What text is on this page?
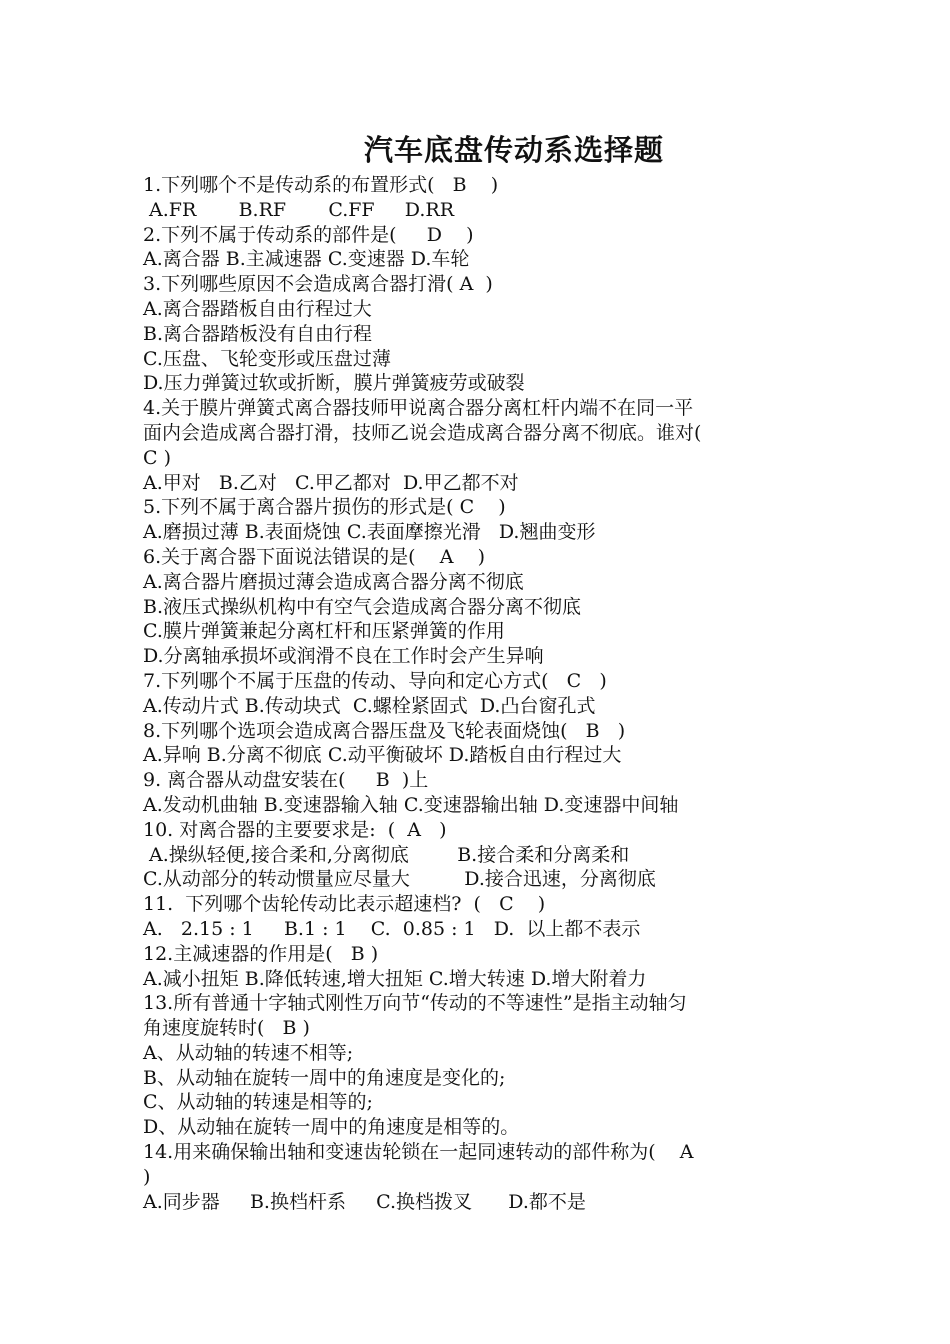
汽车底盘传动系选择题
1.下列哪个不是传动系的布置形式(   B    )
A.FR       B.RF       C.FF     D.RR
2.下列不属于传动系的部件是(     D    )
A.离合器 B.主减速器 C.变速器 D.车轮
3.下列哪些原因不会造成离合器打滑( A  )
A.离合器踏板自由行程过大
B.离合器踏板没有自由行程
C.压盘、飞轮变形或压盘过薄
D.压力弹簧过软或折断，膜片弹簧疲劳或破裂
4.关于膜片弹簧式离合器技师甲说离合器分离杠杆内端不在同一平
面内会造成离合器打滑，技师乙说会造成离合器分离不彻底。谁对(
C )
A.甲对   B.乙对   C.甲乙都对  D.甲乙都不对
5.下列不属于离合器片损伤的形式是( C    )
A.磨损过薄 B.表面烧蚀 C.表面摩擦光滑   D.翘曲变形
6.关于离合器下面说法错误的是(    A    )
A.离合器片磨损过薄会造成离合器分离不彻底
B.液压式操纵机构中有空气会造成离合器分离不彻底
C.膜片弹簧兼起分离杠杆和压紧弹簧的作用
D.分离轴承损坏或润滑不良在工作时会产生异响
7.下列哪个不属于压盘的传动、导向和定心方式(   C   )
A.传动片式 B.传动块式  C.螺栓紧固式  D.凸台窗孔式
8.下列哪个选项会造成离合器压盘及飞轮表面烧蚀(   B   )
A.异响 B.分离不彻底 C.动平衡破坏 D.踏板自由行程过大
9. 离合器从动盘安装在(     B  )上
A.发动机曲轴 B.变速器输入轴 C.变速器输出轴 D.变速器中间轴
10. 对离合器的主要要求是:  (  A   )
A.操纵轻便,接合柔和,分离彻底        B.接合柔和分离柔和
C.从动部分的转动惯量应尽量大         D.接合迅速，分离彻底
11.  下列哪个齿轮传动比表示超速档?  (   C    )
A.   2.15 : 1     B.1 : 1    C.  0.85 : 1   D.  以上都不表示
12.主减速器的作用是(   B )
A.减小扭矩 B.降低转速,增大扭矩 C.增大转速 D.增大附着力
13.所有普通十字轴式刚性万向节“传动的不等速性”是指主动轴匀
角速度旋转时(   B )
A、从动轴的转速不相等;
B、从动轴在旋转一周中的角速度是变化的;
C、从动轴的转速是相等的;
D、从动轴在旋转一周中的角速度是相等的。
14.用来确保输出轴和变速齿轮锁在一起同速转动的部件称为(    A
)
A.同步器     B.换档杆系     C.换档拨叉      D.都不是
